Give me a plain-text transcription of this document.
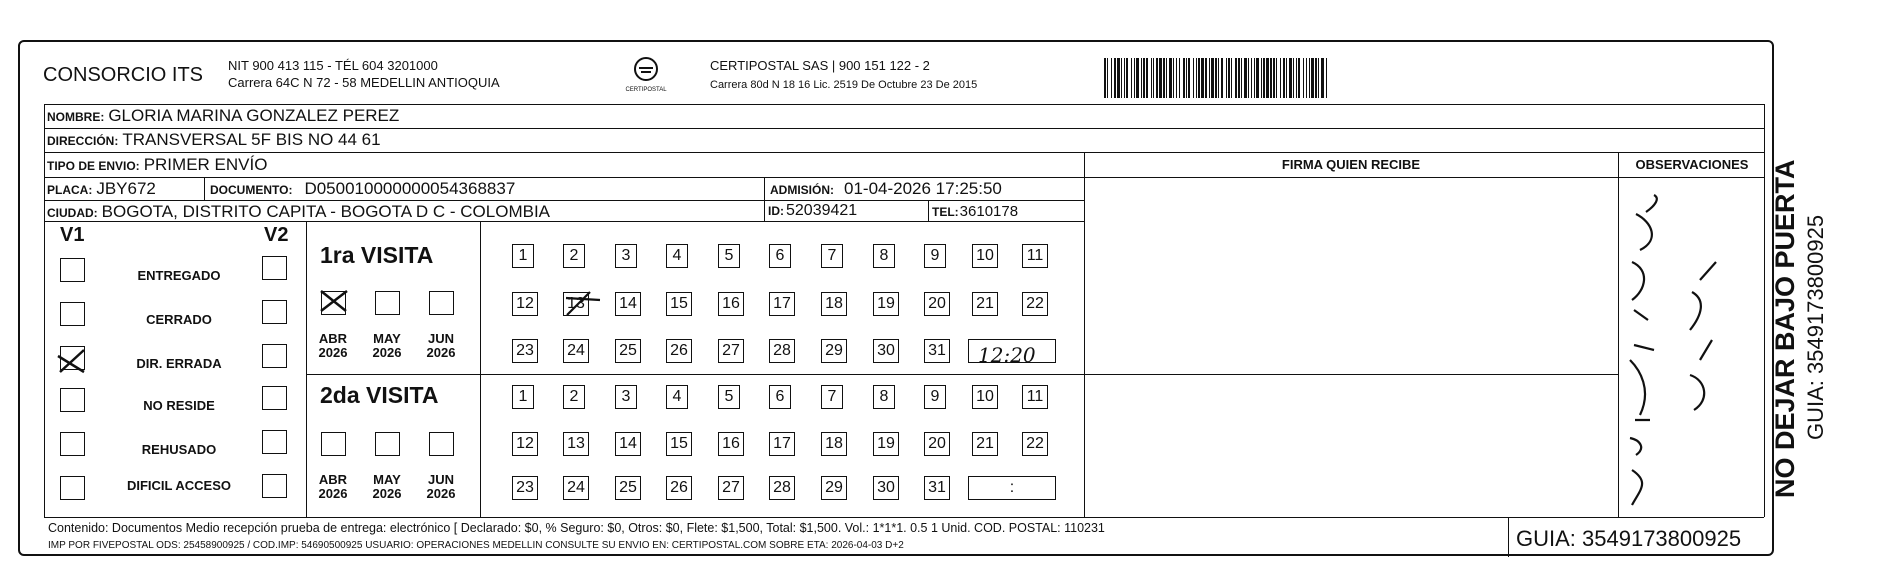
CONSORCIO ITS NIT 900 413 115 - TÉL 604 3201000
Carrera 64C N 72 - 58 MEDELLIN ANTIOQUIA	CERTIPOSTAL
CERTIPOSTAL SAS | 900 151 122 - 2
Carrera 80d N 18 16 Lic. 2519 De Octubre 23 De 2015
NOMBRE: GLORIA MARINA GONZALEZ PEREZ
DIRECCIÓN: TRANSVERSAL 5F BIS NO 44 61
TIPO DE ENVIO: PRIMER ENVÍO
PLACA: JBY672	DOCUMENTO: D050010000000054368837	ADMISIÓN: 01-04-2026 17:25:50
CIUDAD: BOGOTA, DISTRITO CAPITA - BOGOTA D C - COLOMBIA	ID: 52039421	TEL: 3610178
FIRMA QUIEN RECIBE	OBSERVACIONES
V1	V2
ENTREGADO
CERRADO
DIR. ERRADA
NO RESIDE
REHUSADO
DIFICIL ACCESO
1ra VISITA
2da VISITA
ABR
2026
MAY
2026
JUN
2026
ABR
2026
MAY
2026
JUN
2026
1	2	3	4	5	6	7	8	9	10 11
12 13 14 15 16 17 18 19 20 21 22
23 24 25 26 27 28 29 30 31
1	2	3	4	5	6	7	8	9	10 11
12 13 14 15 16 17 18 19 20 21 22
23 24 25 26 27 28 29 30 31	:
12:20
Contenido: Documentos Medio recepción prueba de entrega: electrónico [ Declarado: $0, % Seguro: $0, Otros: $0, Flete: $1,500, Total: $1,500. Vol.: 1*1*1. 0.5 1 Unid. COD. POSTAL: 110231
IMP POR FIVEPOSTAL ODS: 25458900925 / COD.IMP: 54690500925 USUARIO: OPERACIONES MEDELLIN CONSULTE SU ENVIO EN: CERTIPOSTAL.COM SOBRE ETA: 2026-04-03 D+2	GUIA: 3549173800925
NO DEJAR BAJO PUERTA GUIA: 3549173800925
